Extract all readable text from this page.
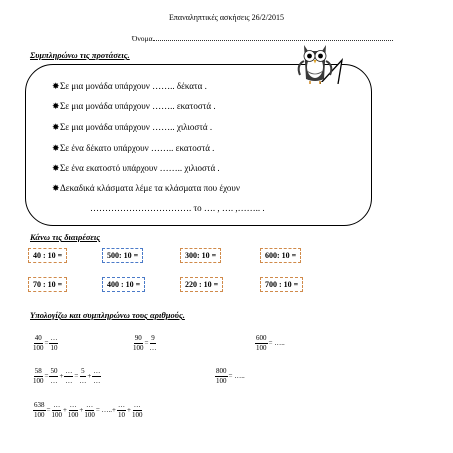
Επαναληπτικές ασκήσεις 26/2/2015
Όνομα
Συμπληρώνω τις προτάσεις.
✸Σε μια μονάδα υπάρχουν …….. δέκατα .
✸Σε μια μονάδα υπάρχουν …….. εκατοστά .
✸Σε μια μονάδα υπάρχουν …….. χιλιοστά .
✸Σε ένα δέκατο υπάρχουν …….. εκατοστά .
✸Σε ένα εκατοστό υπάρχουν …….. χιλιοστά .
✸Δεκαδικά κλάσματα λέμε τα κλάσματα που έχουν
……………………………. το …. , …. ,…….. .
Κάνω τις διαιρέσεις
40 : 10 =	500: 10 =	300: 10 =	600: 10 =
70 : 10 =	400 : 10 =	220 : 10 =	700 : 10 =
Υπολογίζω και συμπληρώνω τους αριθμούς.
$\frac{40}{100} = \frac{\dots}{10}$	$\frac{90}{100} = \frac{9}{\dots}$	$\frac{600}{100}$ = …..
$\frac{58}{100} = \frac{50}{\dots} + \frac{\dots}{\dots} = \frac{5}{\dots} + \frac{\dots}{\dots}$	$\frac{800}{100}$ = …..
$\frac{638}{100} = \frac{\dots}{100} + \frac{\dots}{100} + \frac{\dots}{100}$ = …..+ $\frac{\dots}{10} + \frac{\dots}{100}$
